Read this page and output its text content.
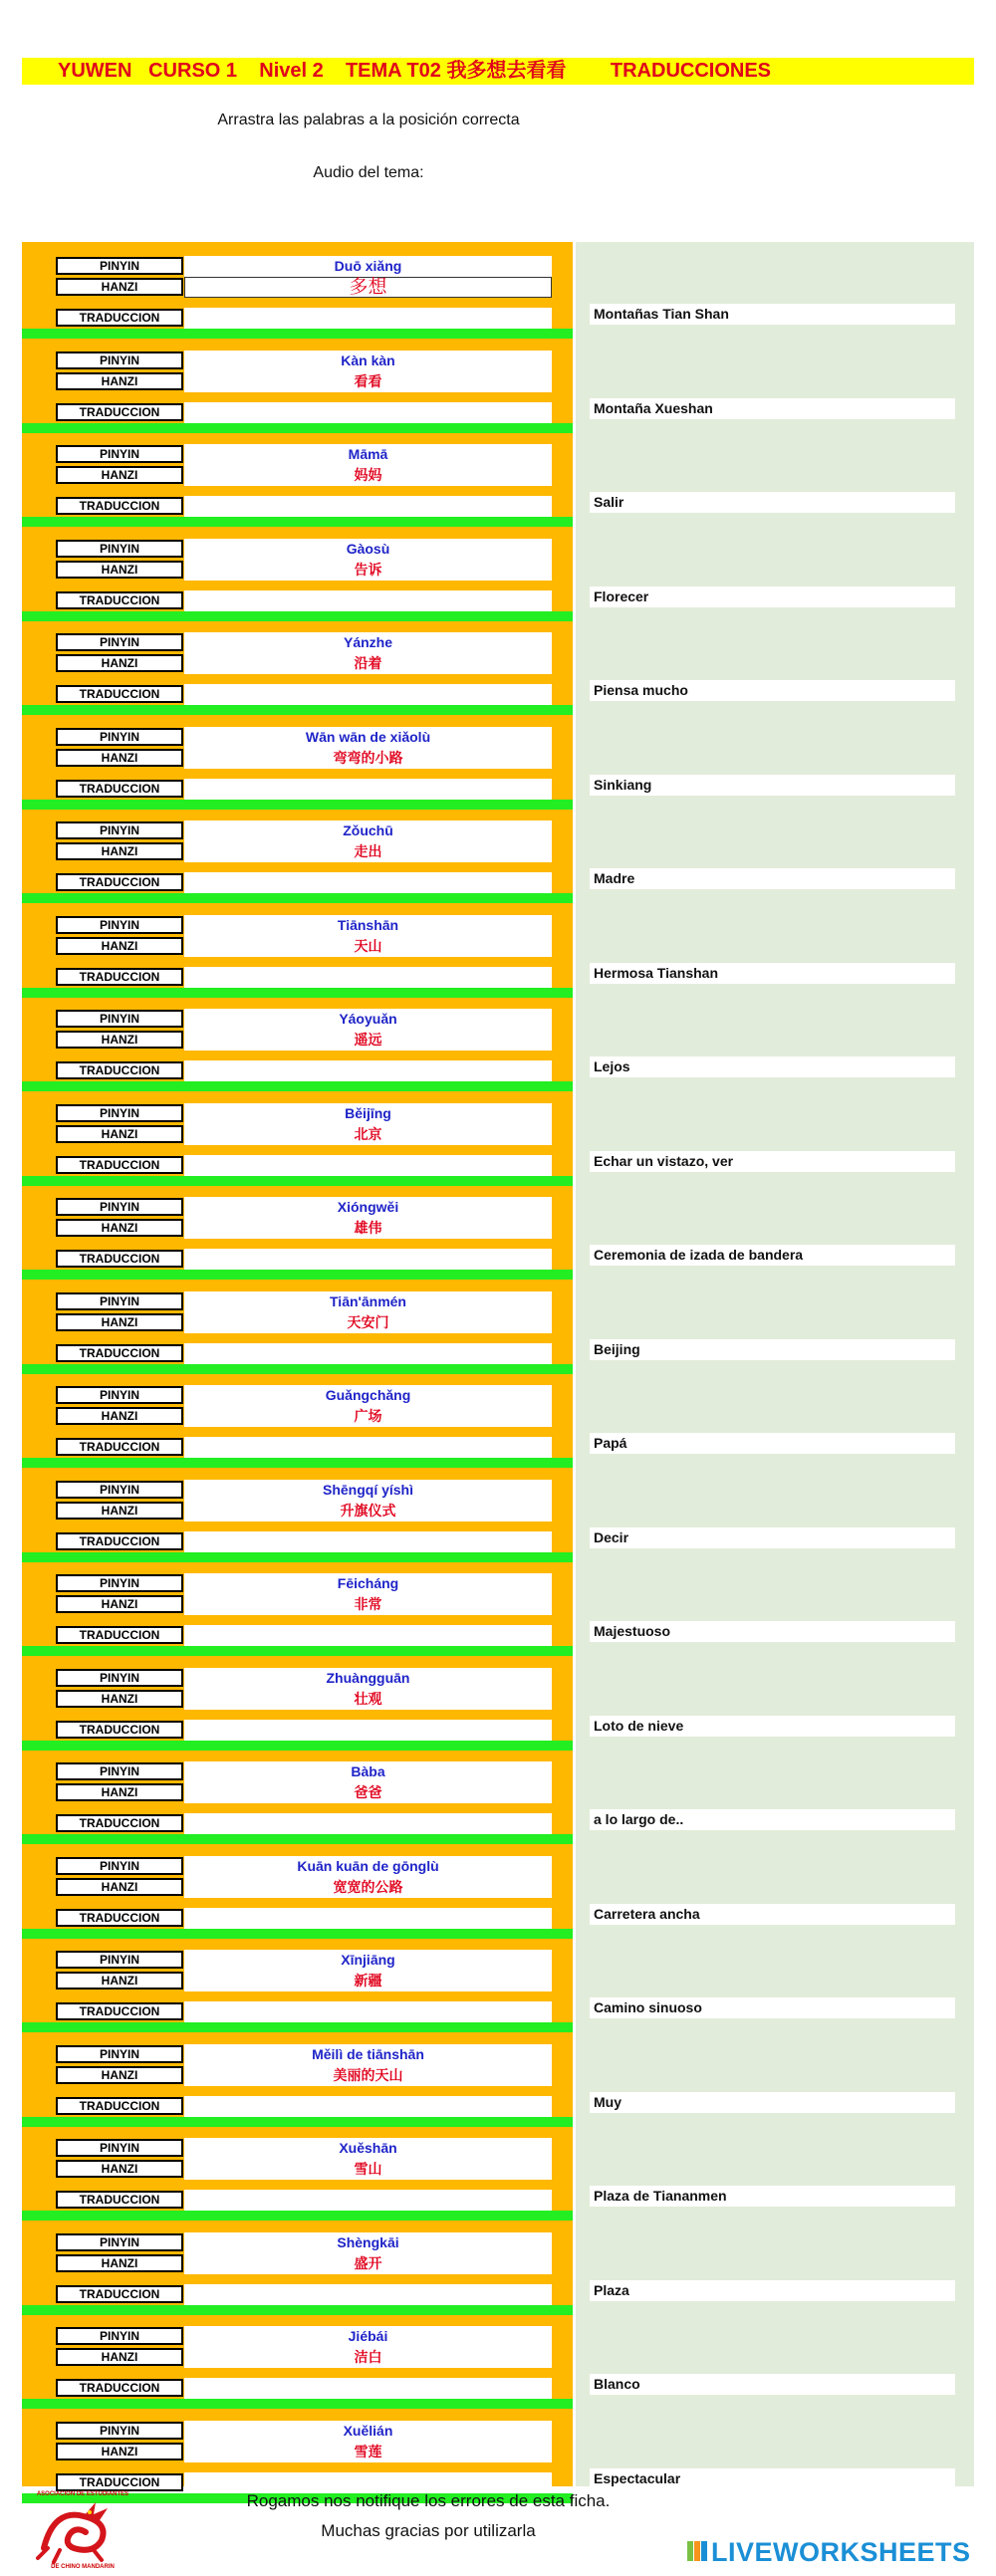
YUWEN   CURSO 1    Nivel 2    TEMA T02 我多想去看看        TRADUCCIONES
Arrastra las palabras a la posición correcta
Audio del tema:
PINYIN	Duō xiǎng
HANZI	多想
TRADUCCION
PINYIN	Kàn kàn
HANZI	看看
TRADUCCION
PINYIN	Māmā
HANZI	妈妈
TRADUCCION
PINYIN	Gàosù
HANZI	告诉
TRADUCCION
PINYIN	Yánzhe
HANZI	沿着
TRADUCCION
PINYIN	Wān wān de xiǎolù
HANZI	弯弯的小路
TRADUCCION
PINYIN	Zǒuchū
HANZI	走出
TRADUCCION
PINYIN	Tiānshān
HANZI	天山
TRADUCCION
PINYIN	Yáoyuǎn
HANZI	遥远
TRADUCCION
PINYIN	Běijīng
HANZI	北京
TRADUCCION
PINYIN	Xióngwěi
HANZI	雄伟
TRADUCCION
PINYIN	Tiān'ānmén
HANZI	天安门
TRADUCCION
PINYIN	Guǎngchǎng
HANZI	广场
TRADUCCION
PINYIN	Shēngqí yíshì
HANZI	升旗仪式
TRADUCCION
PINYIN	Fēicháng
HANZI	非常
TRADUCCION
PINYIN	Zhuàngguān
HANZI	壮观
TRADUCCION
PINYIN	Bàba
HANZI	爸爸
TRADUCCION
PINYIN	Kuān kuān de gōnglù
HANZI	宽宽的公路
TRADUCCION
PINYIN	Xīnjiāng
HANZI	新疆
TRADUCCION
PINYIN	Měilì de tiānshān
HANZI	美丽的天山
TRADUCCION
PINYIN	Xuěshān
HANZI	雪山
TRADUCCION
PINYIN	Shèngkāi
HANZI	盛开
TRADUCCION
PINYIN	Jiébái
HANZI	洁白
TRADUCCION
PINYIN	Xuělián
HANZI	雪莲
TRADUCCION
Montañas Tian Shan
Montaña Xueshan
Salir
Florecer
Piensa mucho
Sinkiang
Madre
Hermosa Tianshan
Lejos
Echar un vistazo, ver
Ceremonia de izada de bandera
Beijing
Papá
Decir
Majestuoso
Loto de nieve
a lo largo de..
Carretera ancha
Camino sinuoso
Muy
Plaza de Tiananmen
Plaza
Blanco
Espectacular
Rogamos nos notifique los errores de esta ficha.
Muchas gracias por utilizarla
ASOCIACION DE ESTUDIANTES
DE CHINO MANDARIN	LIVEWORKSHEETS
